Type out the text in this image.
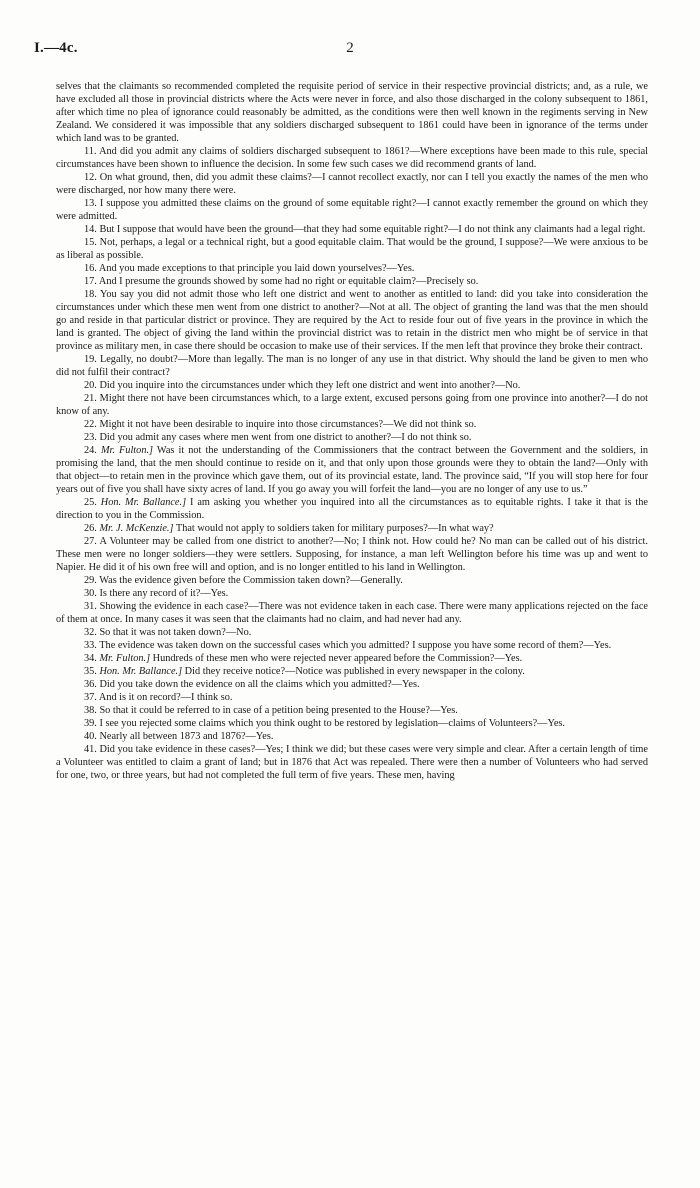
I.—4c.	2

selves that the claimants so recommended completed the requisite period of service in their respective provincial districts; and, as a rule, we have excluded all those in provincial districts where the Acts were never in force, and also those discharged in the colony subsequent to 1861, after which time no plea of ignorance could reasonably be admitted, as the conditions were then well known in the regiments serving in New Zealand. We considered it was impossible that any soldiers discharged subsequent to 1861 could have been in ignorance of the terms under which land was to be granted.

11. And did you admit any claims of soldiers discharged subsequent to 1861?—Where exceptions have been made to this rule, special circumstances have been shown to influence the decision. In some few such cases we did recommend grants of land.

12. On what ground, then, did you admit these claims?—I cannot recollect exactly, nor can I tell you exactly the names of the men who were discharged, nor how many there were.

13. I suppose you admitted these claims on the ground of some equitable right?—I cannot exactly remember the ground on which they were admitted.

14. But I suppose that would have been the ground—that they had some equitable right?—I do not think any claimants had a legal right.

15. Not, perhaps, a legal or a technical right, but a good equitable claim. That would be the ground, I suppose?—We were anxious to be as liberal as possible.

16. And you made exceptions to that principle you laid down yourselves?—Yes.

17. And I presume the grounds showed by some had no right or equitable claim?—Precisely so.

18. You say you did not admit those who left one district and went to another as entitled to land: did you take into consideration the circumstances under which these men went from one district to another?—Not at all. The object of granting the land was that the men should go and reside in that particular district or province. They are required by the Act to reside four out of five years in the province in which the land is granted. The object of giving the land within the provincial district was to retain in the district men who might be of service in that province as military men, in case there should be occasion to make use of their services. If the men left that province they broke their contract.

19. Legally, no doubt?—More than legally. The man is no longer of any use in that district. Why should the land be given to men who did not fulfil their contract?

20. Did you inquire into the circumstances under which they left one district and went into another?—No.

21. Might there not have been circumstances which, to a large extent, excused persons going from one province into another?—I do not know of any.

22. Might it not have been desirable to inquire into those circumstances?—We did not think so.

23. Did you admit any cases where men went from one district to another?—I do not think so.

24. Mr. Fulton.] Was it not the understanding of the Commissioners that the contract between the Government and the soldiers, in promising the land, that the men should continue to reside on it, and that only upon those grounds were they to obtain the land?—Only with that object—to retain men in the province which gave them, out of its provincial estate, land. The province said, “If you will stop here for four years out of five you shall have sixty acres of land. If you go away you will forfeit the land—you are no longer of any use to us.”

25. Hon. Mr. Ballance.] I am asking you whether you inquired into all the circumstances as to equitable rights. I take it that is the direction to you in the Commission.

26. Mr. J. McKenzie.] That would not apply to soldiers taken for military purposes?—In what way?

27. A Volunteer may be called from one district to another?—No; I think not. How could he? No man can be called out of his district. These men were no longer soldiers—they were settlers. Supposing, for instance, a man left Wellington before his time was up and went to Napier. He did it of his own free will and option, and is no longer entitled to his land in Wellington.

29. Was the evidence given before the Commission taken down?—Generally.

30. Is there any record of it?—Yes.

31. Showing the evidence in each case?—There was not evidence taken in each case. There were many applications rejected on the face of them at once. In many cases it was seen that the claimants had no claim, and had never had any.

32. So that it was not taken down?—No.

33. The evidence was taken down on the successful cases which you admitted? I suppose you have some record of them?—Yes.

34. Mr. Fulton.] Hundreds of these men who were rejected never appeared before the Commission?—Yes.

35. Hon. Mr. Ballance.] Did they receive notice?—Notice was published in every newspaper in the colony.

36. Did you take down the evidence on all the claims which you admitted?—Yes.

37. And is it on record?—I think so.

38. So that it could be referred to in case of a petition being presented to the House?—Yes.

39. I see you rejected some claims which you think ought to be restored by legislation—claims of Volunteers?—Yes.

40. Nearly all between 1873 and 1876?—Yes.

41. Did you take evidence in these cases?—Yes; I think we did; but these cases were very simple and clear. After a certain length of time a Volunteer was entitled to claim a grant of land; but in 1876 that Act was repealed. There were then a number of Volunteers who had served for one, two, or three years, but had not completed the full term of five years. These men, having
